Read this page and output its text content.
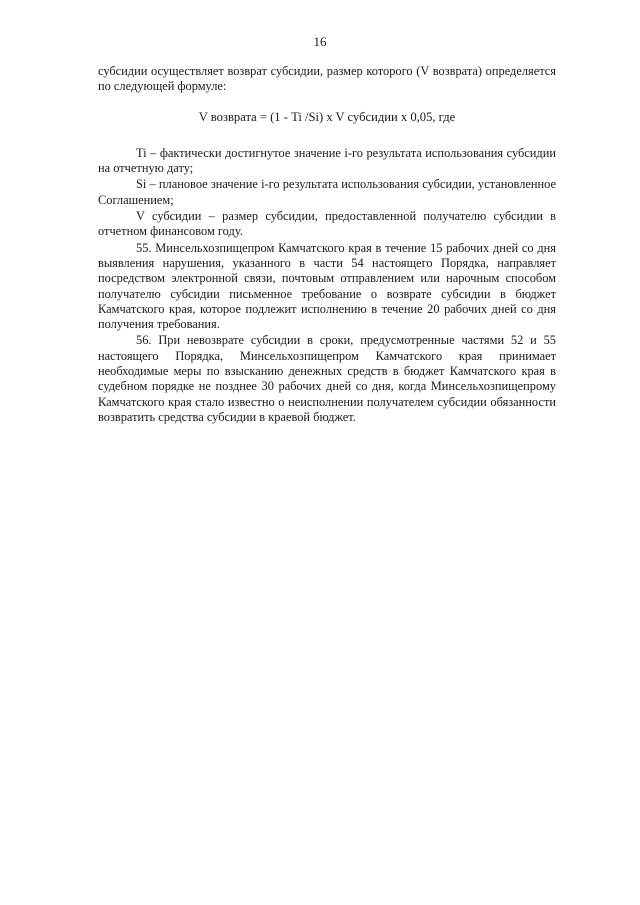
16

субсидии осуществляет возврат субсидии, размер которого (V возврата) определяется по следующей формуле:

V возврата = (1 - Ti /Si) x V субсидии x 0,05, где

Ti – фактически достигнутое значение i-го результата использования субсидии на отчетную дату;

Si – плановое значение i-го результата использования субсидии, установленное Соглашением;

V субсидии – размер субсидии, предоставленной получателю субсидии в отчетном финансовом году.

55. Минсельхозпищепром Камчатского края в течение 15 рабочих дней со дня выявления нарушения, указанного в части 54 настоящего Порядка, направляет посредством электронной связи, почтовым отправлением или нарочным способом получателю субсидии письменное требование о возврате субсидии в бюджет Камчатского края, которое подлежит исполнению в течение 20 рабочих дней со дня получения требования.

56. При невозврате субсидии в сроки, предусмотренные частями 52 и 55 настоящего Порядка, Минсельхозпищепром Камчатского края принимает необходимые меры по взысканию денежных средств в бюджет Камчатского края в судебном порядке не позднее 30 рабочих дней со дня, когда Минсельхозпищепрому Камчатского края стало известно о неисполнении получателем субсидии обязанности возвратить средства субсидии в краевой бюджет.
